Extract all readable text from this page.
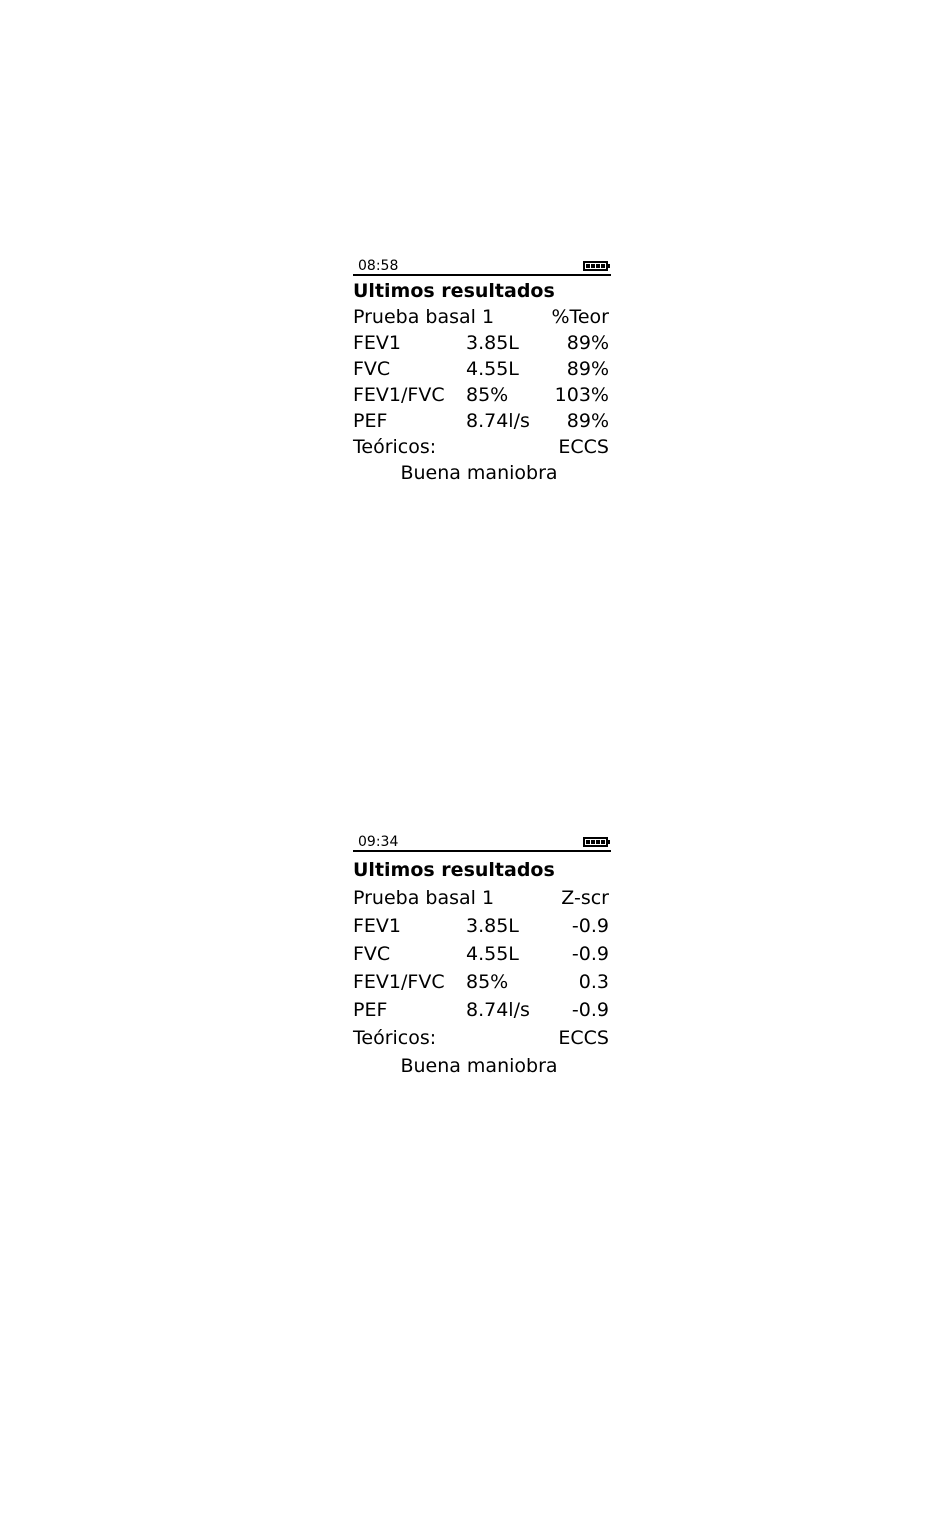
08:58
Ultimos resultados
Prueba basal 1	%Teor
FEV1	3.85L	89%
FVC	4.55L	89%
FEV1/FVC 85% 103%
PEF	8.74l/s 89%
Teóricos:	ECCS
Buena maniobra
09:34
Ultimos resultados
Prueba basal 1	Z-scr
FEV1	3.85L	-0.9
FVC	4.55L	-0.9
FEV1/FVC 85%	0.3
PEF	8.74l/s -0.9
Teóricos:	ECCS
Buena maniobra
